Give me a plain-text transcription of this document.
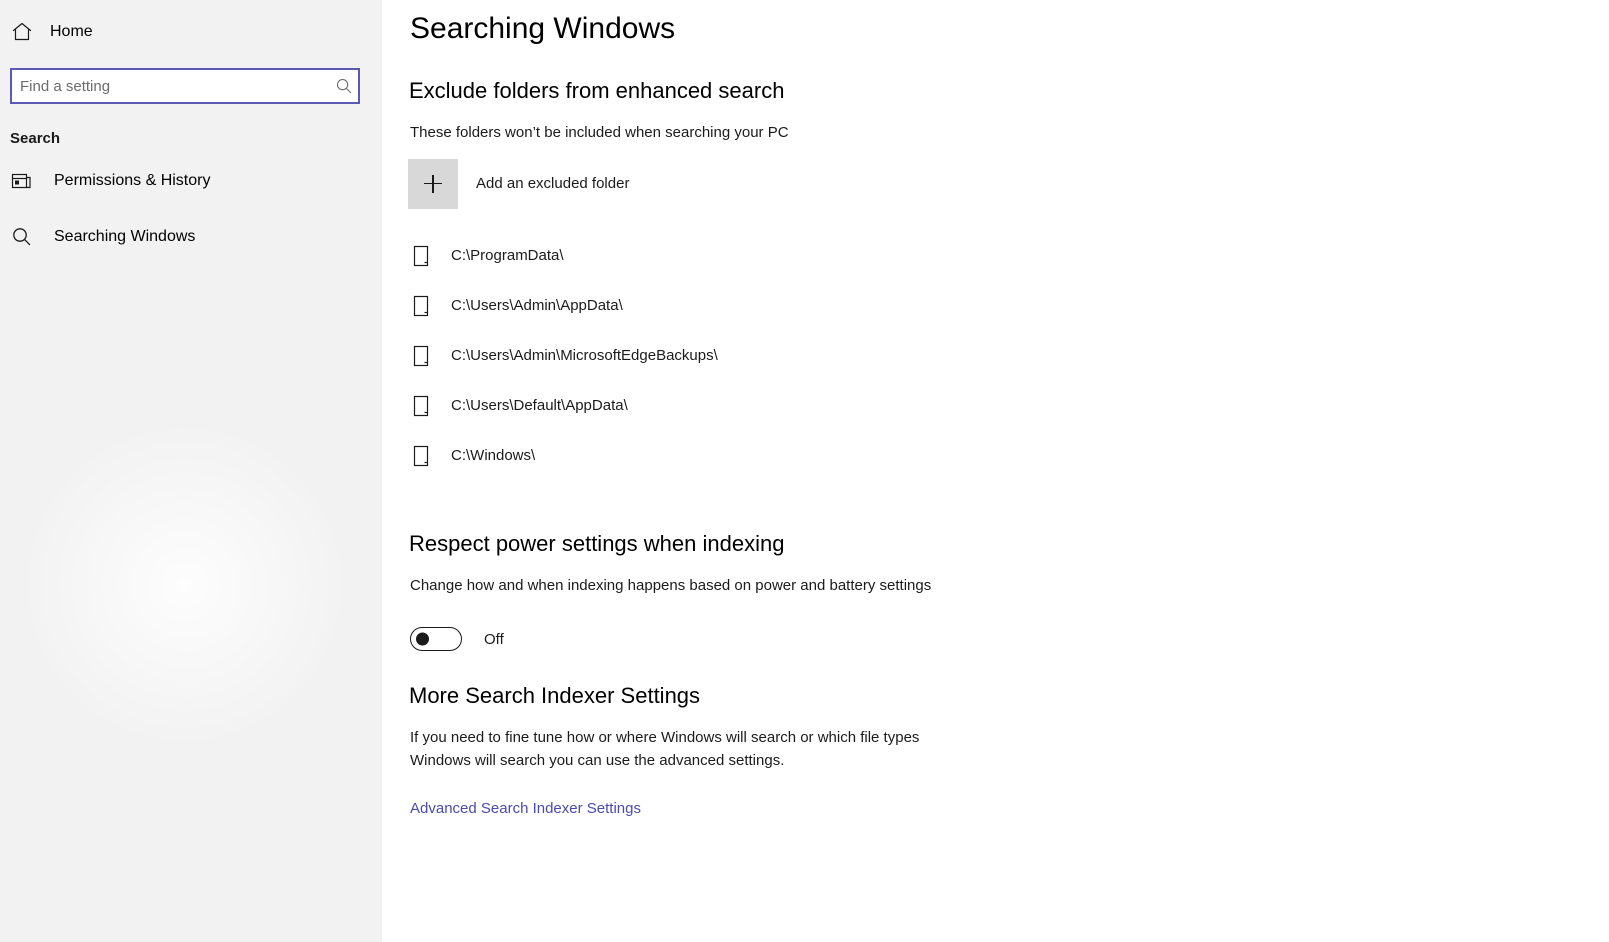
Home
Find a setting
Search
Permissions & History
Searching Windows
Searching Windows
Exclude folders from enhanced search
These folders won’t be included when searching your PC
Add an excluded folder
C:\ProgramData\
C:\Users\Admin\AppData\
C:\Users\Admin\MicrosoftEdgeBackups\
C:\Users\Default\AppData\
C:\Windows\
Respect power settings when indexing
Change how and when indexing happens based on power and battery settings
Off
More Search Indexer Settings
If you need to fine tune how or where Windows will search or which file types Windows will search you can use the advanced settings.
Advanced Search Indexer Settings
